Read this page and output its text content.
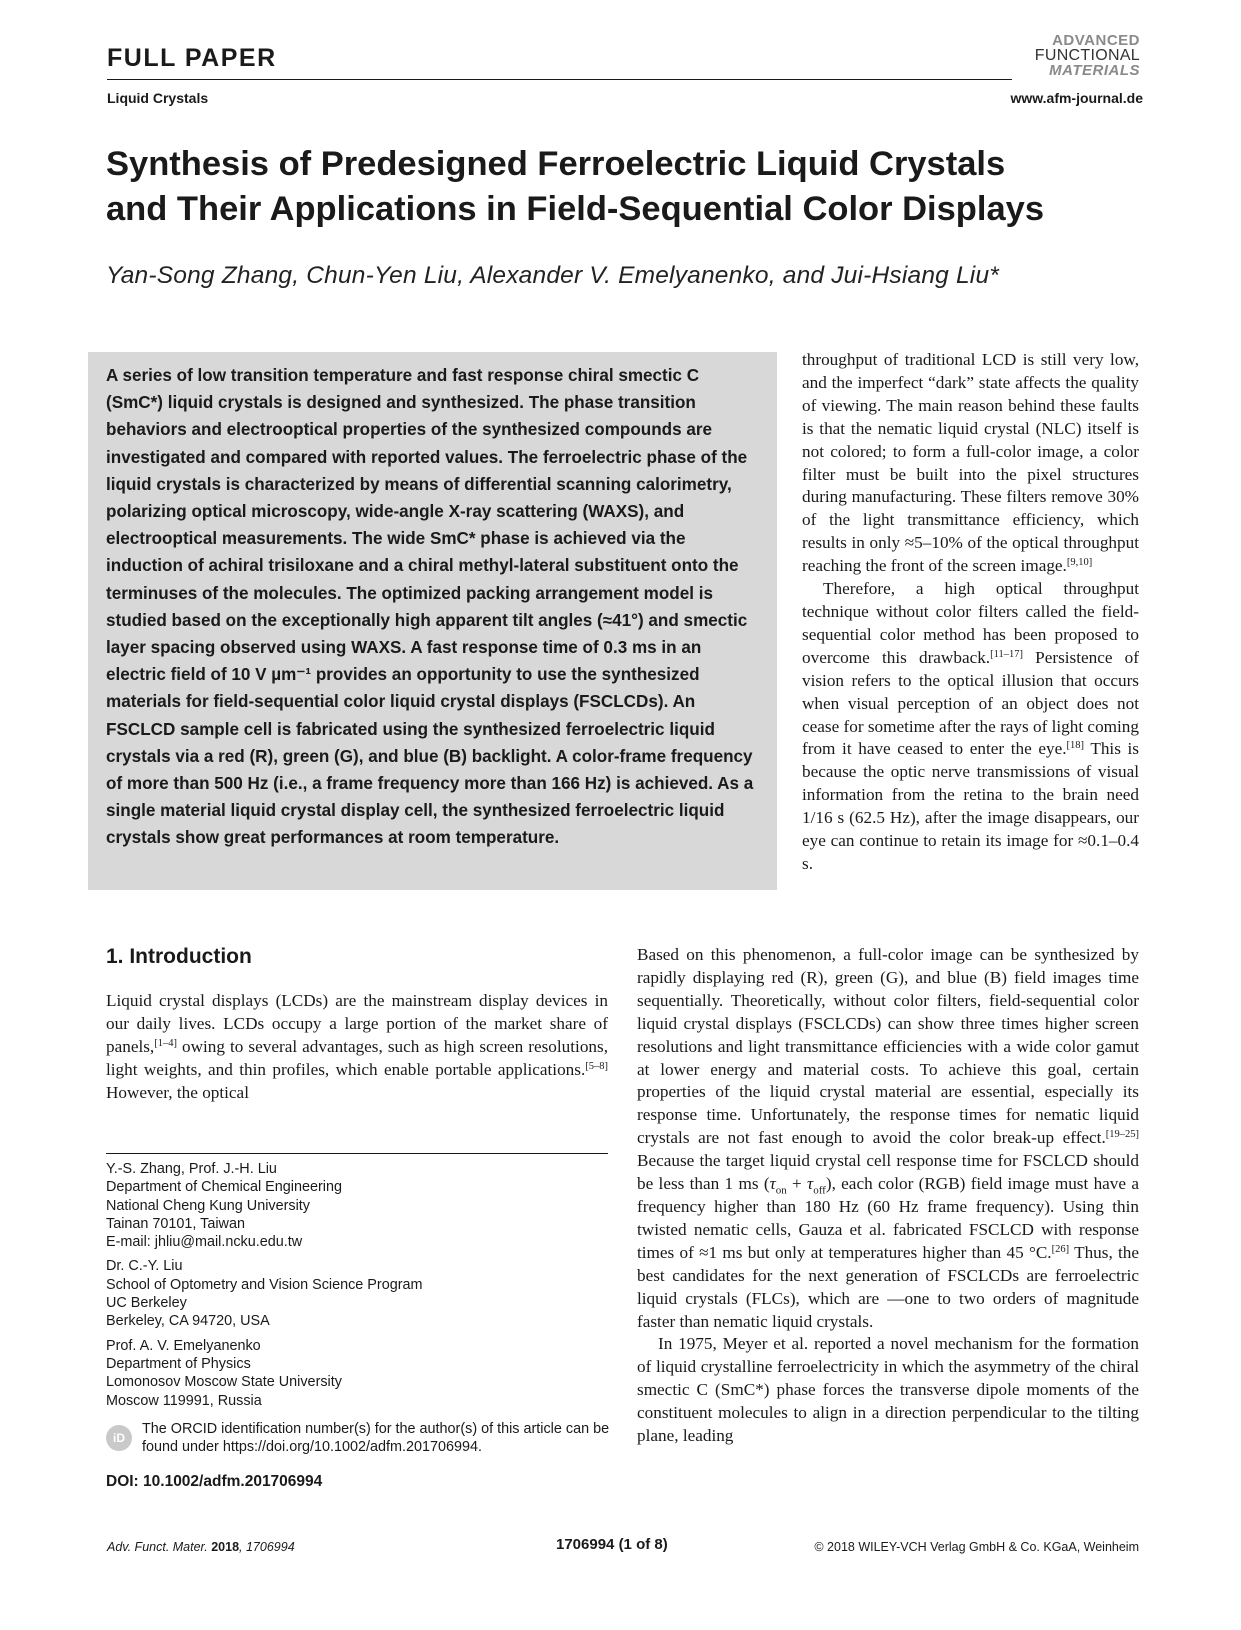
FULL PAPER
Liquid Crystals
ADVANCED
FUNCTIONAL
MATERIALS
www.afm-journal.de
Synthesis of Predesigned Ferroelectric Liquid Crystals
and Their Applications in Field-Sequential Color Displays
Yan-Song Zhang, Chun-Yen Liu, Alexander V. Emelyanenko, and Jui-Hsiang Liu*
A series of low transition temperature and fast response chiral smectic C (SmC*) liquid crystals is designed and synthesized. The phase transition behaviors and electrooptical properties of the synthesized compounds are investigated and compared with reported values. The ferroelectric phase of the liquid crystals is characterized by means of differential scanning calorimetry, polarizing optical microscopy, wide-angle X-ray scattering (WAXS), and electrooptical measurements. The wide SmC* phase is achieved via the induction of achiral trisiloxane and a chiral methyl-lateral substituent onto the terminuses of the molecules. The optimized packing arrangement model is studied based on the exceptionally high apparent tilt angles (≈41°) and smectic layer spacing observed using WAXS. A fast response time of 0.3 ms in an electric field of 10 V µm⁻¹ provides an opportunity to use the synthesized materials for field-sequential color liquid crystal displays (FSCLCDs). An FSCLCD sample cell is fabricated using the synthesized ferroelectric liquid crystals via a red (R), green (G), and blue (B) backlight. A color-frame frequency of more than 500 Hz (i.e., a frame frequency more than 166 Hz) is achieved. As a single material liquid crystal display cell, the synthesized ferroelectric liquid crystals show great performances at room temperature.

throughput of traditional LCD is still very low, and the imperfect “dark” state affects the quality of viewing. The main reason behind these faults is that the nematic liquid crystal (NLC) itself is not colored; to form a full-color image, a color filter must be built into the pixel structures during manufacturing. These filters remove 30% of the light transmittance efficiency, which results in only ≈5–10% of the optical throughput reaching the front of the screen image.[9,10]

Therefore, a high optical throughput technique without color filters called the field-sequential color method has been proposed to overcome this drawback.[11–17] Persistence of vision refers to the optical illusion that occurs when visual perception of an object does not cease for sometime after the rays of light coming from it have ceased to enter the eye.[18] This is because the optic nerve transmissions of visual information from the retina to the brain need 1/16 s (62.5 Hz), after the image disappears, our eye can continue to retain its image for ≈0.1–0.4 s.

1. Introduction

Liquid crystal displays (LCDs) are the mainstream display devices in our daily lives. LCDs occupy a large portion of the market share of panels,[1–4] owing to several advantages, such as high screen resolutions, light weights, and thin profiles, which enable portable applications.[5–8] However, the optical

Based on this phenomenon, a full-color image can be synthesized by rapidly displaying red (R), green (G), and blue (B) field images time sequentially. Theoretically, without color filters, field-sequential color liquid crystal displays (FSCLCDs) can show three times higher screen resolutions and light transmittance efficiencies with a wide color gamut at lower energy and material costs. To achieve this goal, certain properties of the liquid crystal material are essential, especially its response time. Unfortunately, the response times for nematic liquid crystals are not fast enough to avoid the color break-up effect.[19–25] Because the target liquid crystal cell response time for FSCLCD should be less than 1 ms $(\tau_{on} + \tau_{off})$, each color (RGB) field image must have a frequency higher than 180 Hz (60 Hz frame frequency). Using thin twisted nematic cells, Gauza et al. fabricated FSCLCD with response times of ≈1 ms but only at temperatures higher than 45 °C.[26] Thus, the best candidates for the next generation of FSCLCDs are ferroelectric liquid crystals (FLCs), which are —one to two orders of magnitude faster than nematic liquid crystals.

In 1975, Meyer et al. reported a novel mechanism for the formation of liquid crystalline ferroelectricity in which the asymmetry of the chiral smectic C (SmC*) phase forces the transverse dipole moments of the constituent molecules to align in a direction perpendicular to the tilting plane, leading

Y.-S. Zhang, Prof. J.-H. Liu
Department of Chemical Engineering
National Cheng Kung University
Tainan 70101, Taiwan
E-mail: jhliu@mail.ncku.edu.tw
Dr. C.-Y. Liu
School of Optometry and Vision Science Program
UC Berkeley
Berkeley, CA 94720, USA
Prof. A. V. Emelyanenko
Department of Physics
Lomonosov Moscow State University
Moscow 119991, Russia
iD
The ORCID identification number(s) for the author(s) of this article can be found under https://doi.org/10.1002/adfm.201706994.
DOI: 10.1002/adfm.201706994
Adv. Funct. Mater. 2018, 1706994	1706994 (1 of 8)	© 2018 WILEY-VCH Verlag GmbH & Co. KGaA, Weinheim
